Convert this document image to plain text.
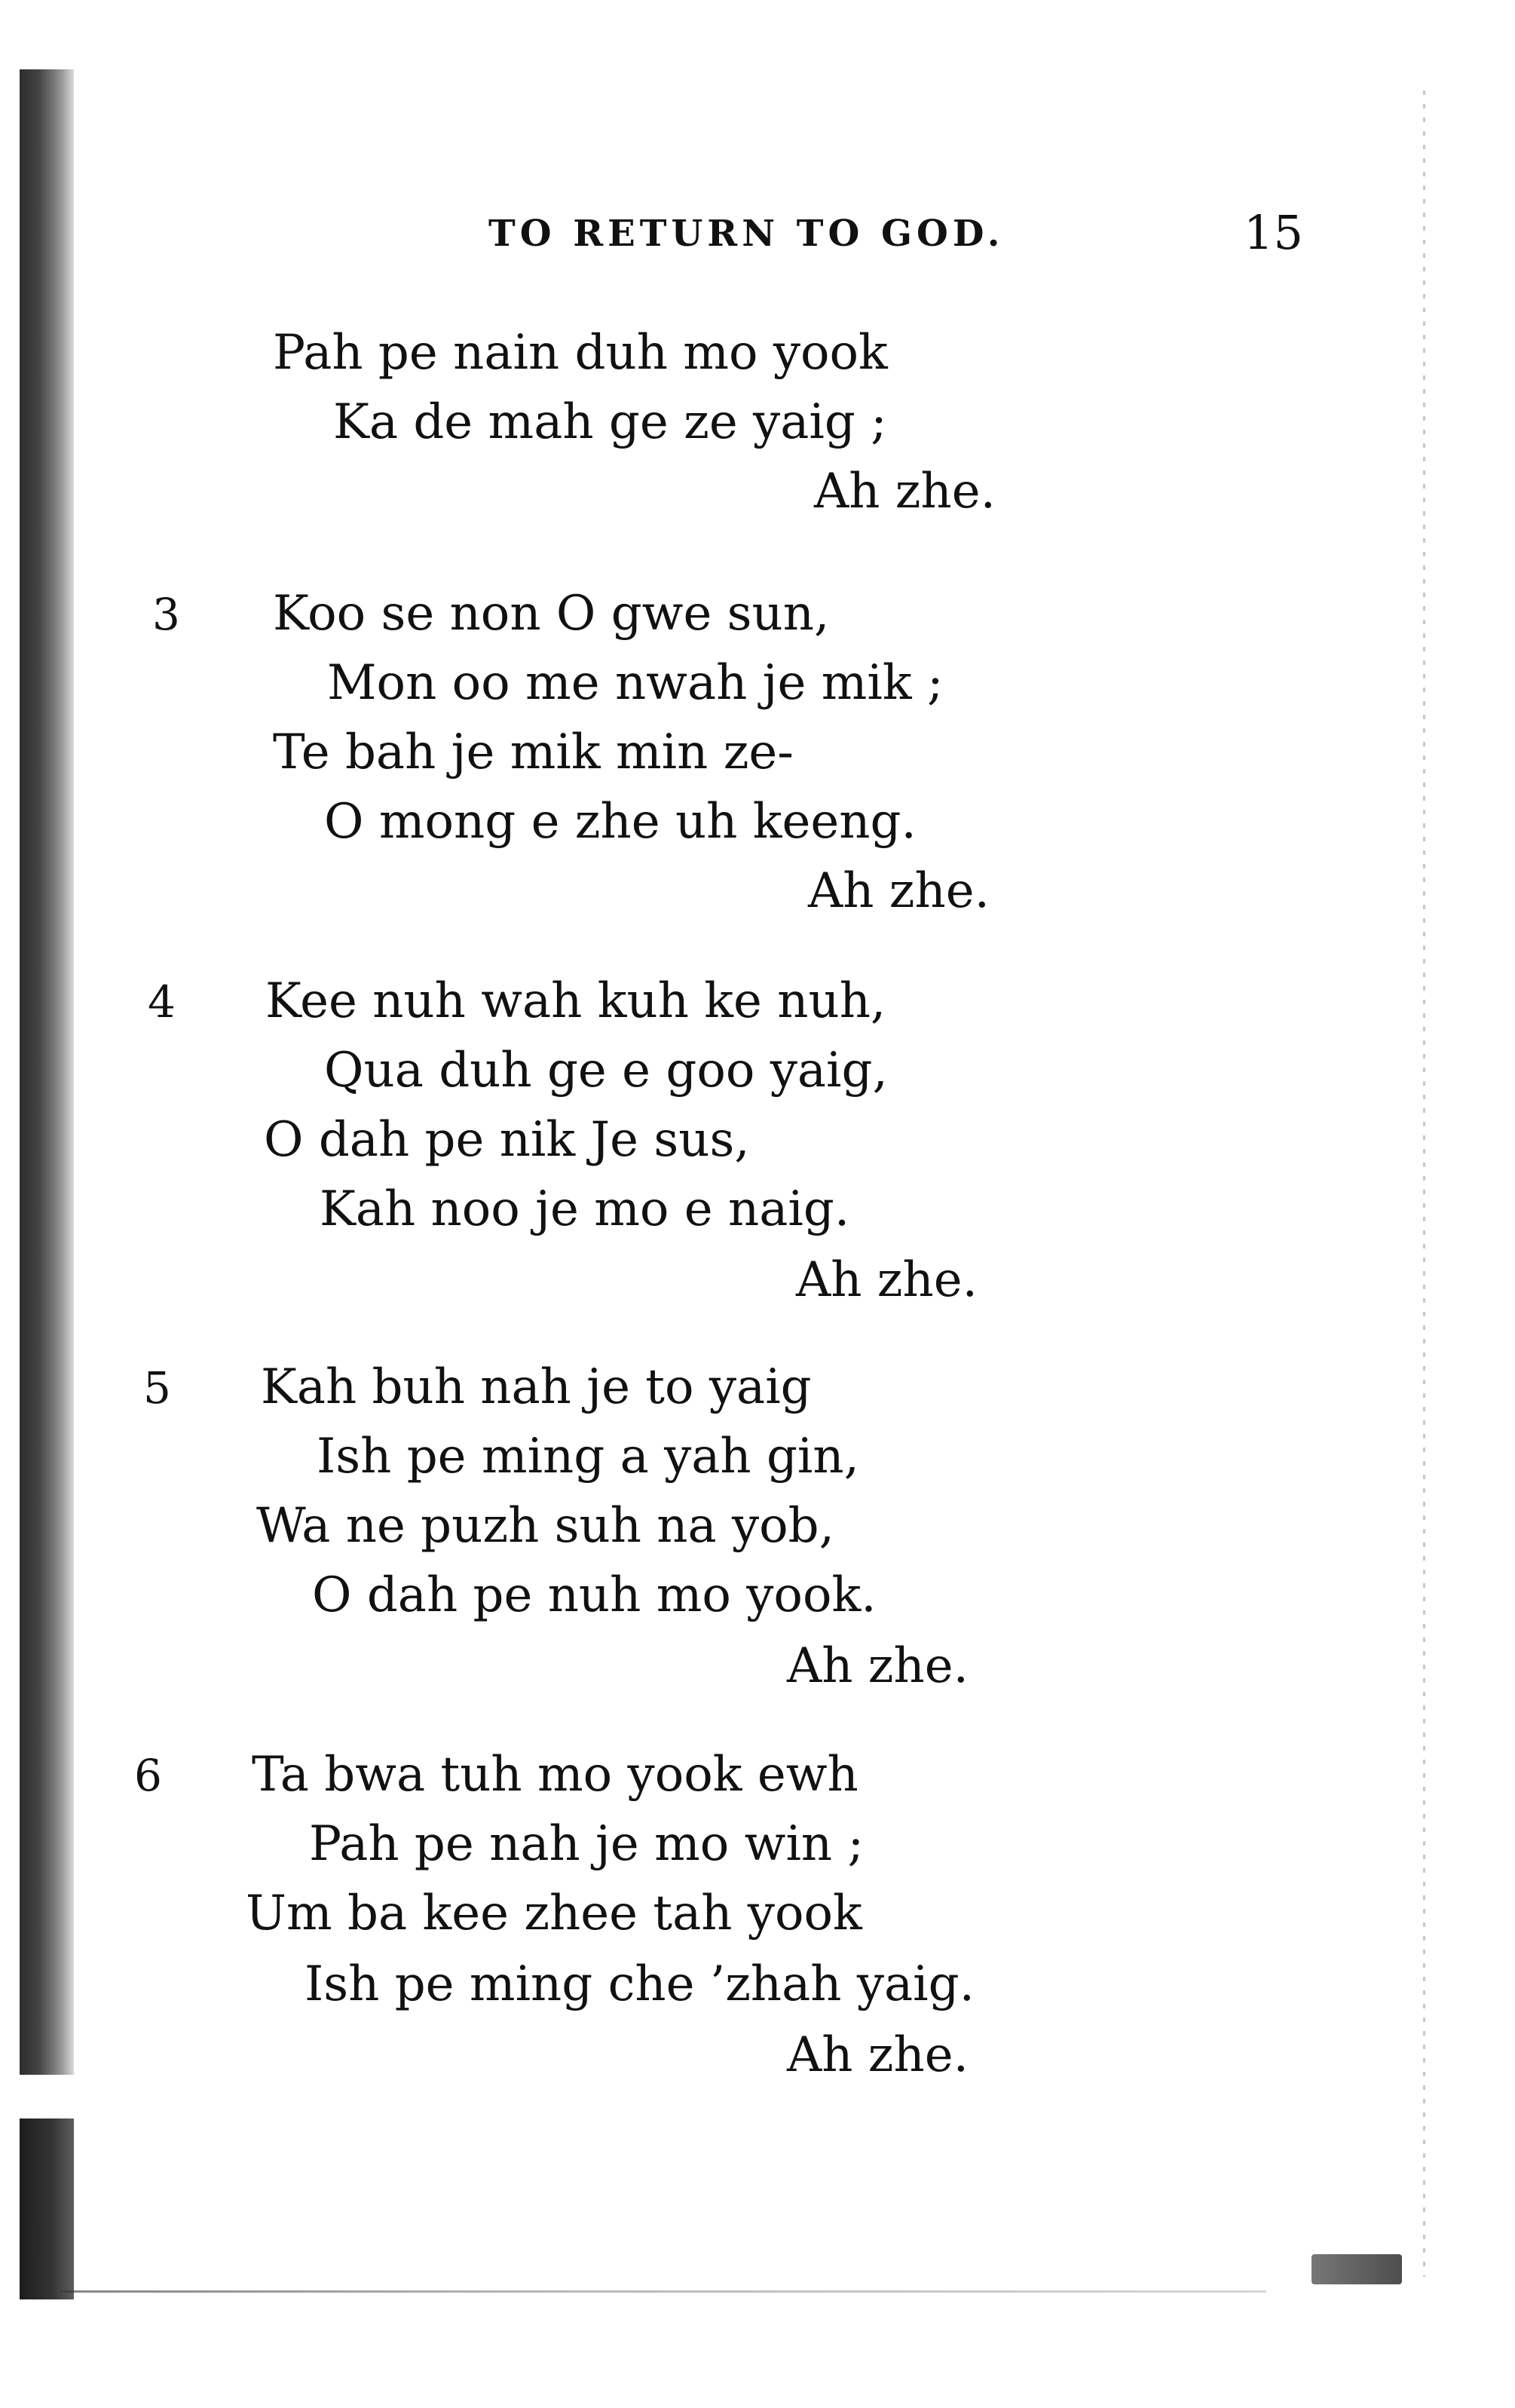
TO RETURN TO GOD.	15
Pah pe nain duh mo yook
Ka de mah ge ze yaig ;
Ah zhe.
3 Koo se non O gwe sun,
Mon oo me nwah je mik ;
Te bah je mik min ze-
O mong e zhe uh keeng.
Ah zhe.
4 Kee nuh wah kuh ke nuh,
Qua duh ge e goo yaig,
O dah pe nik Je sus,
Kah noo je mo e naig.
Ah zhe.
5 Kah buh nah je to yaig
Ish pe ming a yah gin,
Wa ne puzh suh na yob,
O dah pe nuh mo yook.
Ah zhe.
6 Ta bwa tuh mo yook ewh
Pah pe nah je mo win ;
Um ba kee zhee tah yook
Ish pe ming che ’zhah yaig.
Ah zhe.
